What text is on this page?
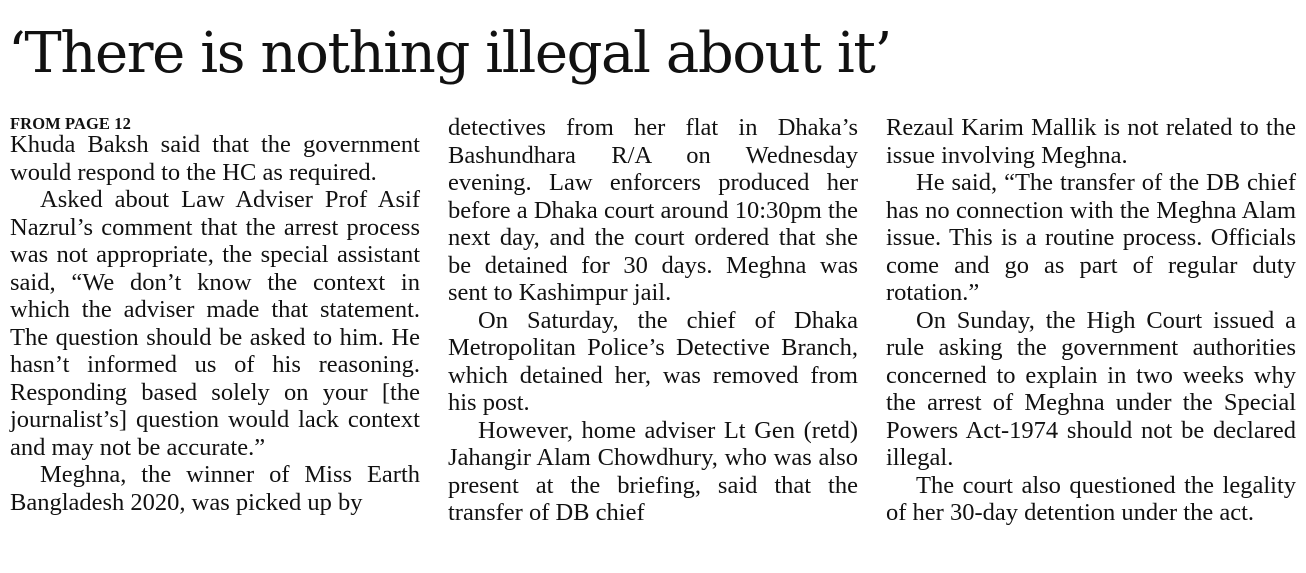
‘There is nothing illegal about it’
FROM PAGE 12

Khuda Baksh said that the government would respond to the HC as required.

Asked about Law Adviser Prof Asif Nazrul’s comment that the arrest process was not appropriate, the special assistant said, “We don’t know the context in which the adviser made that statement. The question should be asked to him. He hasn’t informed us of his reasoning. Responding based solely on your [the journalist’s] question would lack context and may not be accurate.”

Meghna, the winner of Miss Earth Bangladesh 2020, was picked up by

detectives from her flat in Dhaka’s Bashundhara R/A on Wednesday evening. Law enforcers produced her before a Dhaka court around 10:30pm the next day, and the court ordered that she be detained for 30 days. Meghna was sent to Kashimpur jail.

On Saturday, the chief of Dhaka Metropolitan Police’s Detective Branch, which detained her, was removed from his post.

However, home adviser Lt Gen (retd) Jahangir Alam Chowdhury, who was also present at the briefing, said that the transfer of DB chief

Rezaul Karim Mallik is not related to the issue involving Meghna.

He said, “The transfer of the DB chief has no connection with the Meghna Alam issue. This is a routine process. Officials come and go as part of regular duty rotation.”

On Sunday, the High Court issued a rule asking the government authorities concerned to explain in two weeks why the arrest of Meghna under the Special Powers Act-1974 should not be declared illegal.

The court also questioned the legality of her 30-day detention under the act.
